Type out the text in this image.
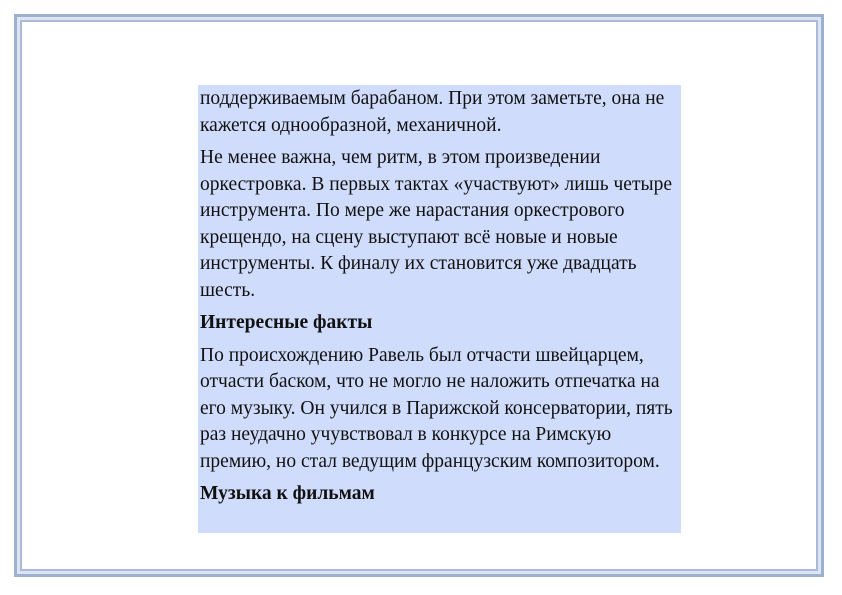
поддерживаемым барабаном. При этом заметьте, она не кажется однообразной, механичной.

Не менее важна, чем ритм, в этом произведении оркестровка. В первых тактах «участвуют» лишь четыре инструмента. По мере же нарастания оркестрового крещендо, на сцену выступают всё новые и новые инструменты. К финалу их становится уже двадцать шесть.

Интересные факты

По происхождению Равель был отчасти швейцарцем, отчасти баском, что не могло не наложить отпечатка на его музыку. Он учился в Парижской консерватории, пять раз неудачно учувствовал в конкурсе на Римскую премию, но стал ведущим французским композитором.

Музыка к фильмам
